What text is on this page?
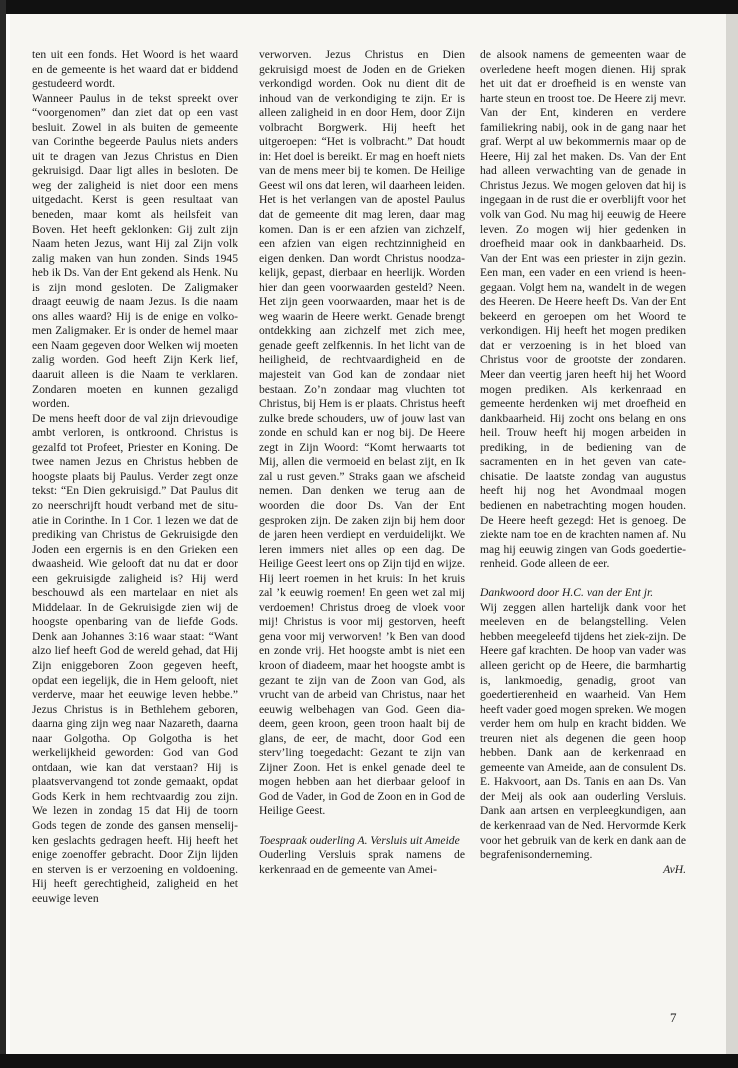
ten uit een fonds. Het Woord is het waard en de gemeente is het waard dat er biddend gestudeerd wordt.

Wanneer Paulus in de tekst spreekt over “voorgenomen” dan ziet dat op een vast besluit. Zowel in als buiten de gemeente van Corinthe begeerde Paulus niets anders uit te dragen van Jezus Christus en Dien gekruisigd. Daar ligt alles in besloten. De weg der zaligheid is niet door een mens uitgedacht. Kerst is geen resultaat van beneden, maar komt als heilsfeit van Boven. Het heeft geklonken: Gij zult zijn Naam heten Jezus, want Hij zal Zijn volk zalig maken van hun zonden. Sinds 1945 heb ik Ds. Van der Ent gekend als Henk. Nu is zijn mond gesloten. De Zaligmaker draagt eeuwig de naam Jezus. Is die naam ons alles waard? Hij is de enige en volkomen Zaligmaker. Er is onder de hemel maar een Naam gegeven door Welken wij moeten zalig worden. God heeft Zijn Kerk lief, daaruit alleen is die Naam te verklaren. Zondaren moeten en kunnen gezaligd worden.

De mens heeft door de val zijn drievoudige ambt verloren, is ontkroond. Christus is gezalfd tot Profeet, Priester en Koning. De twee namen Jezus en Christus hebben de hoogste plaats bij Paulus. Verder zegt onze tekst: “En Dien gekruisigd.” Dat Paulus dit zo neerschrijft houdt verband met de situatie in Corinthe. In 1 Cor. 1 lezen we dat de prediking van Christus de Gekruisigde den Joden een ergernis is en den Grieken een dwaasheid. Wie gelooft dat nu dat er door een gekruisigde zaligheid is? Hij werd beschouwd als een martelaar en niet als Middelaar. In de Gekruisigde zien wij de hoogste openbaring van de liefde Gods. Denk aan Johannes 3:16 waar staat: “Want alzo lief heeft God de wereld gehad, dat Hij Zijn eniggeboren Zoon gegeven heeft, opdat een iegelijk, die in Hem gelooft, niet verderve, maar het eeuwige leven hebbe.” Jezus Christus is in Bethlehem geboren, daarna ging zijn weg naar Nazareth, daarna naar Golgotha. Op Golgotha is het werkelijkheid geworden: God van God ontdaan, wie kan dat verstaan? Hij is plaatsvervangend tot zonde gemaakt, opdat Gods Kerk in hem rechtvaardig zou zijn. We lezen in zondag 15 dat Hij de toorn Gods tegen de zonde des gansen menselijken geslachts gedragen heeft. Hij heeft het enige zoenoffer gebracht. Door Zijn lijden en sterven is er verzoening en voldoening. Hij heeft gerechtigheid, zaligheid en het eeuwige leven

verworven. Jezus Christus en Dien gekruisigd moest de Joden en de Grieken verkondigd worden. Ook nu dient dit de inhoud van de verkondiging te zijn. Er is alleen zaligheid in en door Hem, door Zijn volbracht Borgwerk. Hij heeft het uitgeroepen: “Het is volbracht.” Dat houdt in: Het doel is bereikt. Er mag en hoeft niets van de mens meer bij te komen. De Heilige Geest wil ons dat leren, wil daarheen leiden. Het is het verlangen van de apostel Paulus dat de gemeente dit mag leren, daar mag komen. Dan is er een afzien van zichzelf, een afzien van eigen rechtzinnigheid en eigen denken. Dan wordt Christus noodzakelijk, gepast, dierbaar en heerlijk. Worden hier dan geen voorwaarden gesteld? Neen. Het zijn geen voorwaarden, maar het is de weg waarin de Heere werkt. Genade brengt ontdekking aan zichzelf met zich mee, genade geeft zelfkennis. In het licht van de heiligheid, de rechtvaardigheid en de majesteit van God kan de zondaar niet bestaan. Zo’n zondaar mag vluchten tot Christus, bij Hem is er plaats. Christus heeft zulke brede schouders, uw of jouw last van zonde en schuld kan er nog bij. De Heere zegt in Zijn Woord: “Komt herwaarts tot Mij, allen die vermoeid en belast zijt, en Ik zal u rust geven.” Straks gaan we afscheid nemen. Dan denken we terug aan de woorden die door Ds. Van der Ent gesproken zijn. De zaken zijn bij hem door de jaren heen verdiept en verduidelijkt. We leren immers niet alles op een dag. De Heilige Geest leert ons op Zijn tijd en wijze. Hij leert roemen in het kruis: In het kruis zal ’k eeuwig roemen! En geen wet zal mij verdoemen! Christus droeg de vloek voor mij! Christus is voor mij gestorven, heeft gena voor mij verworven! ’k Ben van dood en zonde vrij. Het hoogste ambt is niet een kroon of diadeem, maar het hoogste ambt is gezant te zijn van de Zoon van God, als vrucht van de arbeid van Christus, naar het eeuwig welbehagen van God. Geen diadeem, geen kroon, geen troon haalt bij de glans, de eer, de macht, door God een sterv’ling toegedacht: Gezant te zijn van Zijner Zoon. Het is enkel genade deel te mogen hebben aan het dierbaar geloof in God de Vader, in God de Zoon en in God de Heilige Geest.

Toespraak ouderling A. Versluis uit Ameide

Ouderling Versluis sprak namens de kerkenraad en de gemeente van Amei-

de alsook namens de gemeenten waar de overledene heeft mogen dienen. Hij sprak het uit dat er droefheid is en wenste van harte steun en troost toe. De Heere zij mevr. Van der Ent, kinderen en verdere familiekring nabij, ook in de gang naar het graf. Werpt al uw bekommernis maar op de Heere, Hij zal het maken. Ds. Van der Ent had alleen verwachting van de genade in Christus Jezus. We mogen geloven dat hij is ingegaan in de rust die er overblijft voor het volk van God. Nu mag hij eeuwig de Heere leven. Zo mogen wij hier gedenken in droefheid maar ook in dankbaarheid. Ds. Van der Ent was een priester in zijn gezin. Een man, een vader en een vriend is heengegaan. Volgt hem na, wandelt in de wegen des Heeren. De Heere heeft Ds. Van der Ent bekeerd en geroepen om het Woord te verkondigen. Hij heeft het mogen prediken dat er verzoening is in het bloed van Christus voor de grootste der zondaren. Meer dan veertig jaren heeft hij het Woord mogen prediken. Als kerkenraad en gemeente herdenken wij met droefheid en dankbaarheid. Hij zocht ons belang en ons heil. Trouw heeft hij mogen arbeiden in prediking, in de bediening van de sacramenten en in het geven van catechisatie. De laatste zondag van augustus heeft hij nog het Avondmaal mogen bedienen en nabetrachting mogen houden. De Heere heeft gezegd: Het is genoeg. De ziekte nam toe en de krachten namen af. Nu mag hij eeuwig zingen van Gods goedertierenheid. Gode alleen de eer.

Dankwoord door H.C. van der Ent jr.

Wij zeggen allen hartelijk dank voor het meeleven en de belangstelling. Velen hebben meegeleefd tijdens het ziek-zijn. De Heere gaf krachten. De hoop van vader was alleen gericht op de Heere, die barmhartig is, lankmoedig, genadig, groot van goedertierenheid en waarheid. Van Hem heeft vader goed mogen spreken. We mogen verder hem om hulp en kracht bidden. We treuren niet als degenen die geen hoop hebben. Dank aan de kerkenraad en gemeente van Ameide, aan de consulent Ds. E. Hakvoort, aan Ds. Tanis en aan Ds. Van der Meij als ook aan ouderling Versluis. Dank aan artsen en verpleegkundigen, aan de kerkenraad van de Ned. Hervormde Kerk voor het gebruik van de kerk en dank aan de begrafenisonderneming.

AvH.

7
